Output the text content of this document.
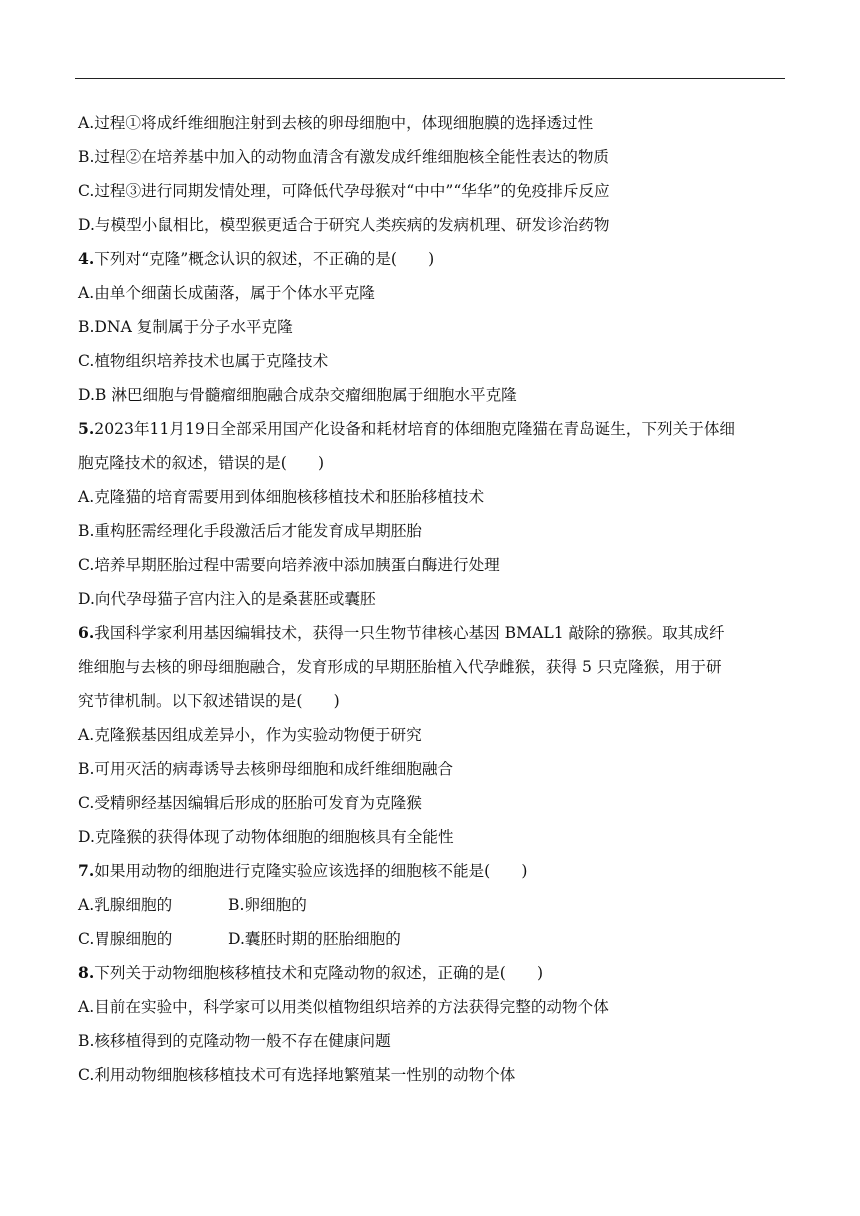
A.过程①将成纤维细胞注射到去核的卵母细胞中，体现细胞膜的选择透过性
B.过程②在培养基中加入的动物血清含有激发成纤维细胞核全能性表达的物质
C.过程③进行同期发情处理，可降低代孕母猴对“中中”“华华”的免疫排斥反应
D.与模型小鼠相比，模型猴更适合于研究人类疾病的发病机理、研发诊治药物
4.下列对“克隆”概念认识的叙述，不正确的是(　　)
A.由单个细菌长成菌落，属于个体水平克隆
B.DNA 复制属于分子水平克隆
C.植物组织培养技术也属于克隆技术
D.B 淋巴细胞与骨髓瘤细胞融合成杂交瘤细胞属于细胞水平克隆
5.2023年11月19日全部采用国产化设备和耗材培育的体细胞克隆猫在青岛诞生，下列关于体细
胞克隆技术的叙述，错误的是(　　)
A.克隆猫的培育需要用到体细胞核移植技术和胚胎移植技术
B.重构胚需经理化手段激活后才能发育成早期胚胎
C.培养早期胚胎过程中需要向培养液中添加胰蛋白酶进行处理
D.向代孕母猫子宫内注入的是桑葚胚或囊胚
6.我国科学家利用基因编辑技术，获得一只生物节律核心基因 BMAL1 敲除的猕猴。取其成纤
维细胞与去核的卵母细胞融合，发育形成的早期胚胎植入代孕雌猴，获得 5 只克隆猴，用于研
究节律机制。以下叙述错误的是(　　)
A.克隆猴基因组成差异小，作为实验动物便于研究
B.可用灭活的病毒诱导去核卵母细胞和成纤维细胞融合
C.受精卵经基因编辑后形成的胚胎可发育为克隆猴
D.克隆猴的获得体现了动物体细胞的细胞核具有全能性
7.如果用动物的细胞进行克隆实验应该选择的细胞核不能是(　　)
A.乳腺细胞的	B.卵细胞的
C.胃腺细胞的	D.囊胚时期的胚胎细胞的
8.下列关于动物细胞核移植技术和克隆动物的叙述，正确的是(　　)
A.目前在实验中，科学家可以用类似植物组织培养的方法获得完整的动物个体
B.核移植得到的克隆动物一般不存在健康问题
C.利用动物细胞核移植技术可有选择地繁殖某一性别的动物个体
